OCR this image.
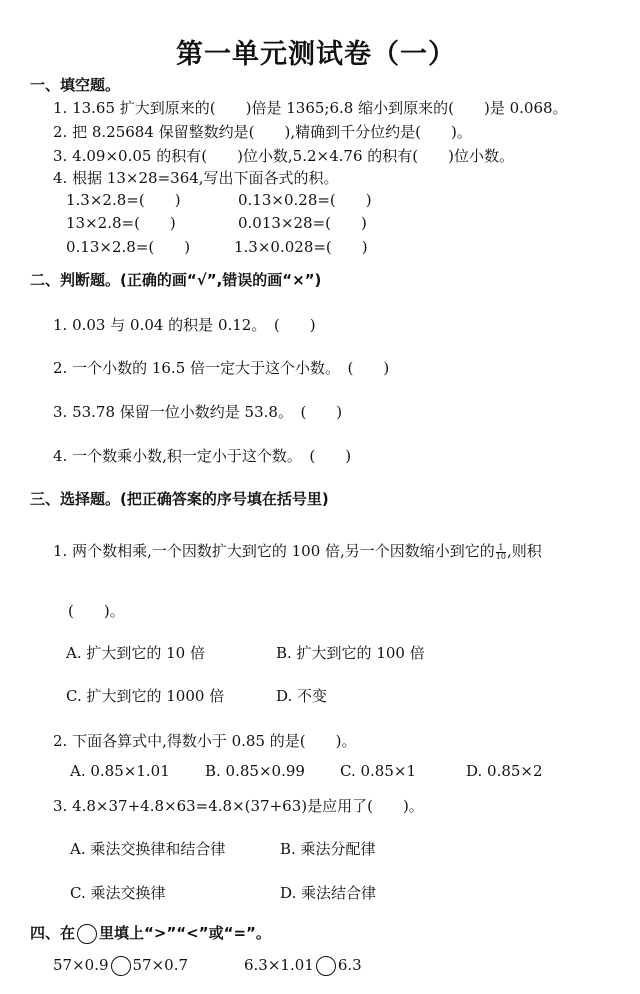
第一单元测试卷（一）
一、填空题。
1. 13.65 扩大到原来的(　　)倍是 1365;6.8 缩小到原来的(　　)是 0.068。
2. 把 8.25684 保留整数约是(　　),精确到千分位约是(　　)。
3. 4.09×0.05 的积有(　　)位小数,5.2×4.76 的积有(　　)位小数。
4. 根据 13×28=364,写出下面各式的积。
1.3×2.8=(　　)	0.13×0.28=(　　)
13×2.8=(　　)	0.013×28=(　　)
0.13×2.8=(　　)	1.3×0.028=(　　)
二、判断题。(正确的画“√”,错误的画“×”)
1. 0.03 与 0.04 的积是 0.12。　(　　)
2. 一个小数的 16.5 倍一定大于这个小数。　(　　)
3. 53.78 保留一位小数约是 53.8。　(　　)
4. 一个数乘小数,积一定小于这个数。　(　　)
三、选择题。(把正确答案的序号填在括号里)
1. 两个数相乘,一个因数扩大到它的 100 倍,另一个因数缩小到它的 $\frac{1}{10}$ ,则积
(　　)。
A. 扩大到它的 10 倍	B. 扩大到它的 100 倍
C. 扩大到它的 1000 倍	D. 不变
2. 下面各算式中,得数小于 0.85 的是(　　)。
A. 0.85×1.01 B. 0.85×0.99 C. 0.85×1	D. 0.85×2
3. 4.8×37+4.8×63=4.8×(37+63)是应用了(　　)。
A. 乘法交换律和结合律	B. 乘法分配律
C. 乘法交换律	D. 乘法结合律
四、在 里填上“>”“<”或“=”。
57×0.9 57×0.7	6.3×1.01 6.3
